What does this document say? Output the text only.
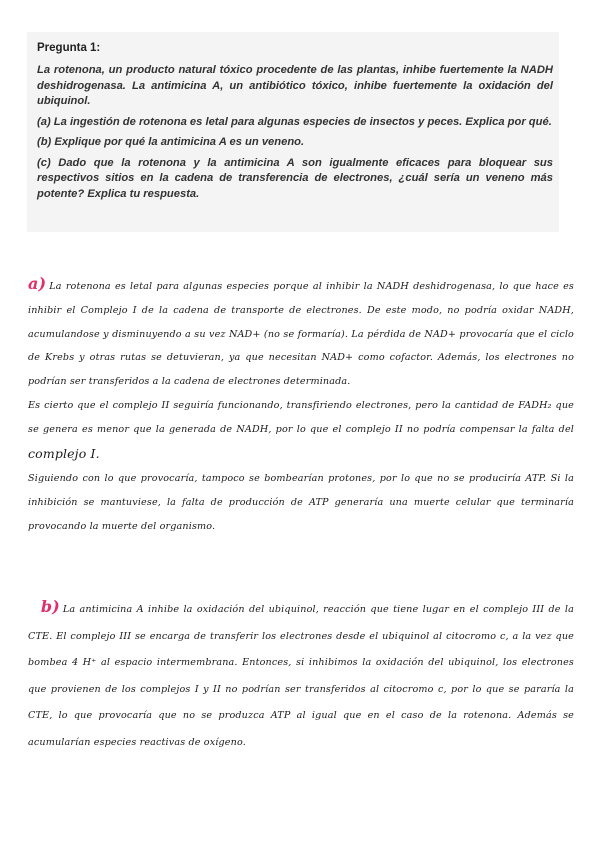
Pregunta 1:

La rotenona, un producto natural tóxico procedente de las plantas, inhibe fuertemente la NADH deshidrogenasa. La antimicina A, un antibiótico tóxico, inhibe fuertemente la oxidación del ubiquinol.

(a) La ingestión de rotenona es letal para algunas especies de insectos y peces. Explica por qué.

(b) Explique por qué la antimicina A es un veneno.

(c) Dado que la rotenona y la antimicina A son igualmente eficaces para bloquear sus respectivos sitios en la cadena de transferencia de electrones, ¿cuál sería un veneno más potente? Explica tu respuesta.

a) La rotenona es letal para algunas especies porque al inhibir la NADH deshidrogenasa, lo que hace es inhibir el Complejo I de la cadena de transporte de electrones. De este modo, no podría oxidar NADH, acumulandose y disminuyendo a su vez NAD+ (no se formaría). La pérdida de NAD+ provocaría que el ciclo de Krebs y otras rutas se detuvieran, ya que necesitan NAD+ como cofactor. Además, los electrones no podrían ser transferidos a la cadena de electrones determinada.
Es cierto que el complejo II seguiría funcionando, transfiriendo electrones, pero la cantidad de FADH₂ que se genera es menor que la generada de NADH, por lo que el complejo II no podría compensar la falta del complejo I.
Siguiendo con lo que provocaría, tampoco se bombearían protones, por lo que no se produciría ATP. Si la inhibición se mantuviese, la falta de producción de ATP generaría una muerte celular que terminaría provocando la muerte del organismo.
b) La antimicina A inhibe la oxidación del ubiquinol, reacción que tiene lugar en el complejo III de la CTE. El complejo III se encarga de transferir los electrones desde el ubiquinol al citocromo c, a la vez que bombea 4 H⁺ al espacio intermembrana. Entonces, si inhibimos la oxidación del ubiquinol, los electrones que provienen de los complejos I y II no podrían ser transferidos al citocromo c, por lo que se pararía la CTE, lo que provocaría que no se produzca ATP al igual que en el caso de la rotenona. Además se acumularían especies reactivas de oxígeno.
